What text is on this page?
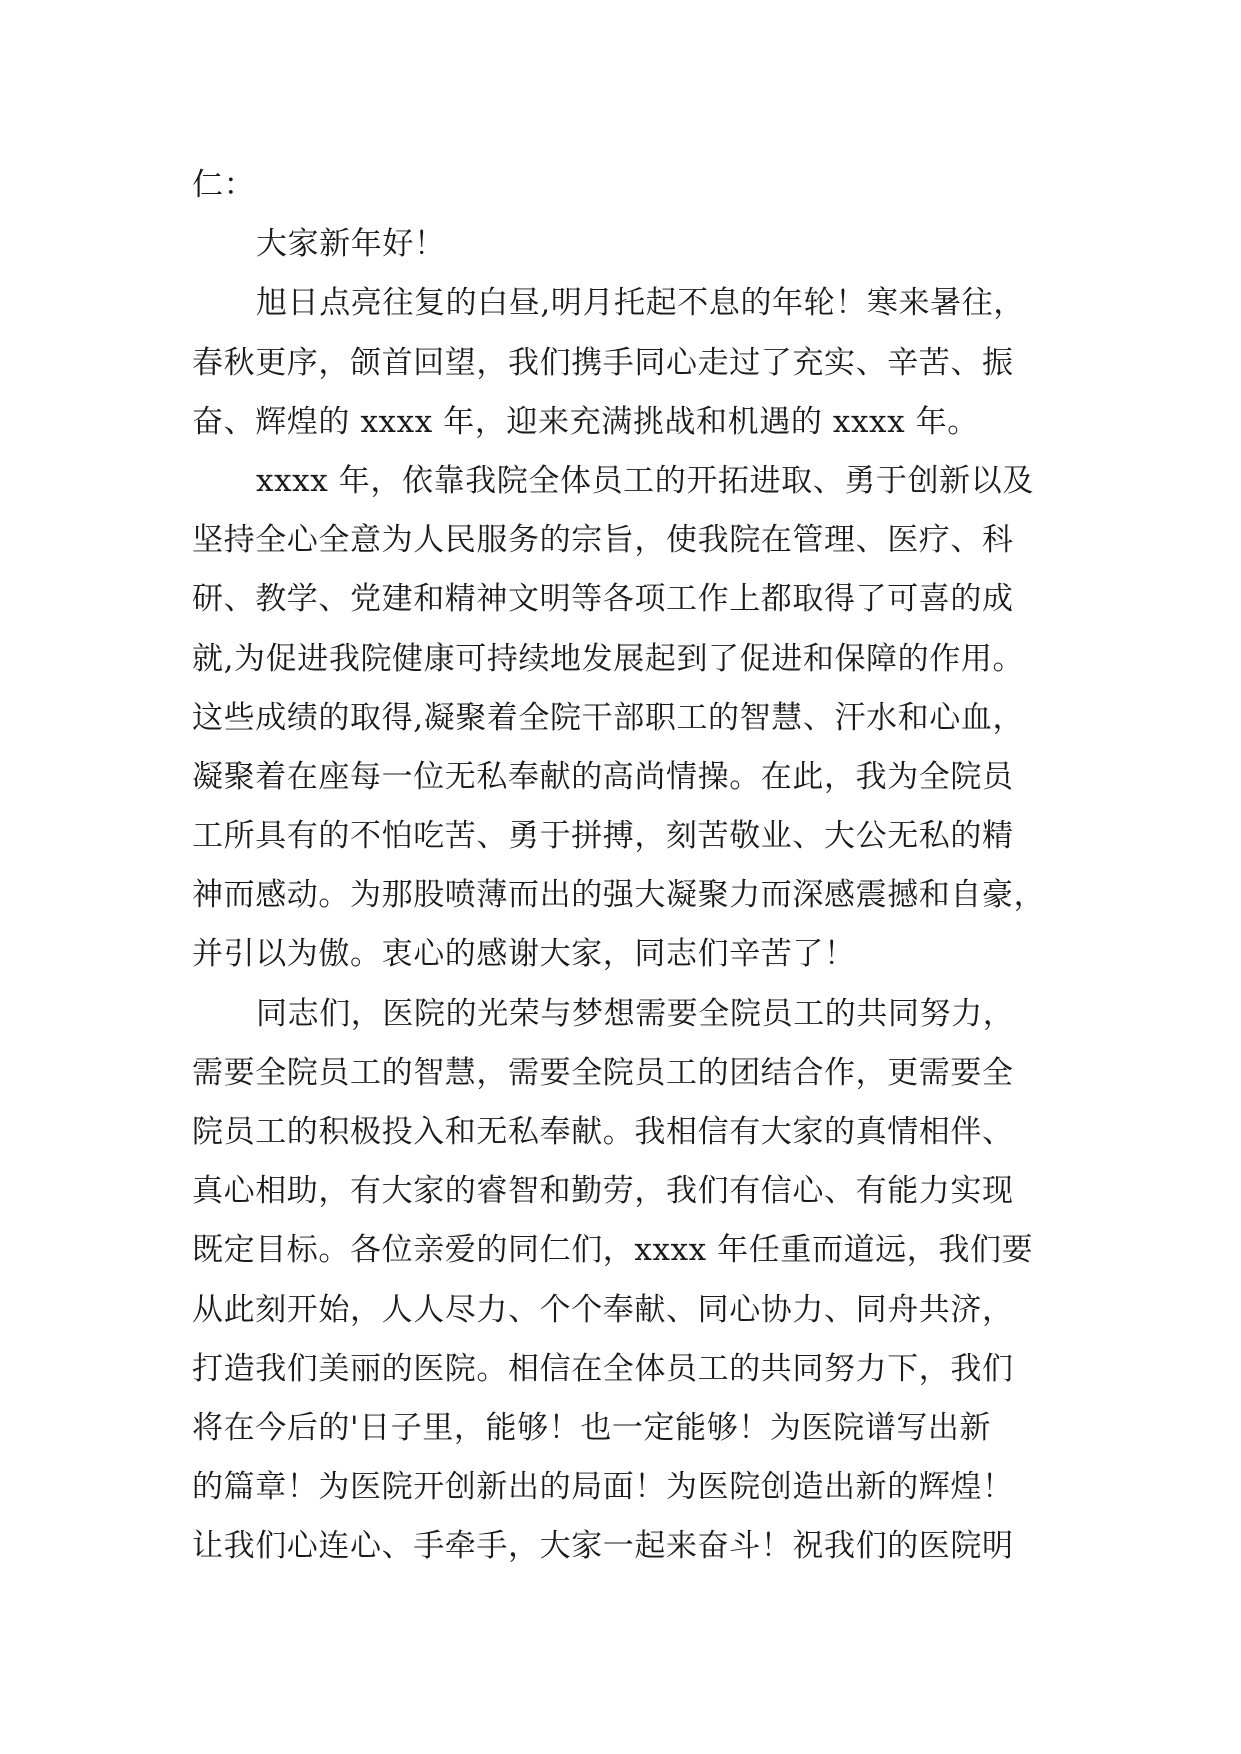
仁：
大家新年好！
旭日点亮往复的白昼,明月托起不息的年轮！寒来暑往，
春秋更序，颌首回望，我们携手同心走过了充实、辛苦、振
奋、辉煌的 xxxx 年，迎来充满挑战和机遇的 xxxx 年。
xxxx 年，依靠我院全体员工的开拓进取、勇于创新以及
坚持全心全意为人民服务的宗旨，使我院在管理、医疗、科
研、教学、党建和精神文明等各项工作上都取得了可喜的成
就,为促进我院健康可持续地发展起到了促进和保障的作用。
这些成绩的取得,凝聚着全院干部职工的智慧、汗水和心血，
凝聚着在座每一位无私奉献的高尚情操。在此，我为全院员
工所具有的不怕吃苦、勇于拼搏，刻苦敬业、大公无私的精
神而感动。为那股喷薄而出的强大凝聚力而深感震撼和自豪，
并引以为傲。衷心的感谢大家，同志们辛苦了！
同志们，医院的光荣与梦想需要全院员工的共同努力，
需要全院员工的智慧，需要全院员工的团结合作，更需要全
院员工的积极投入和无私奉献。我相信有大家的真情相伴、
真心相助，有大家的睿智和勤劳，我们有信心、有能力实现
既定目标。各位亲爱的同仁们，xxxx 年任重而道远，我们要
从此刻开始，人人尽力、个个奉献、同心协力、同舟共济，
打造我们美丽的医院。相信在全体员工的共同努力下，我们
将在今后的'日子里，能够！也一定能够！为医院谱写出新
的篇章！为医院开创新出的局面！为医院创造出新的辉煌！
让我们心连心、手牵手，大家一起来奋斗！祝我们的医院明
